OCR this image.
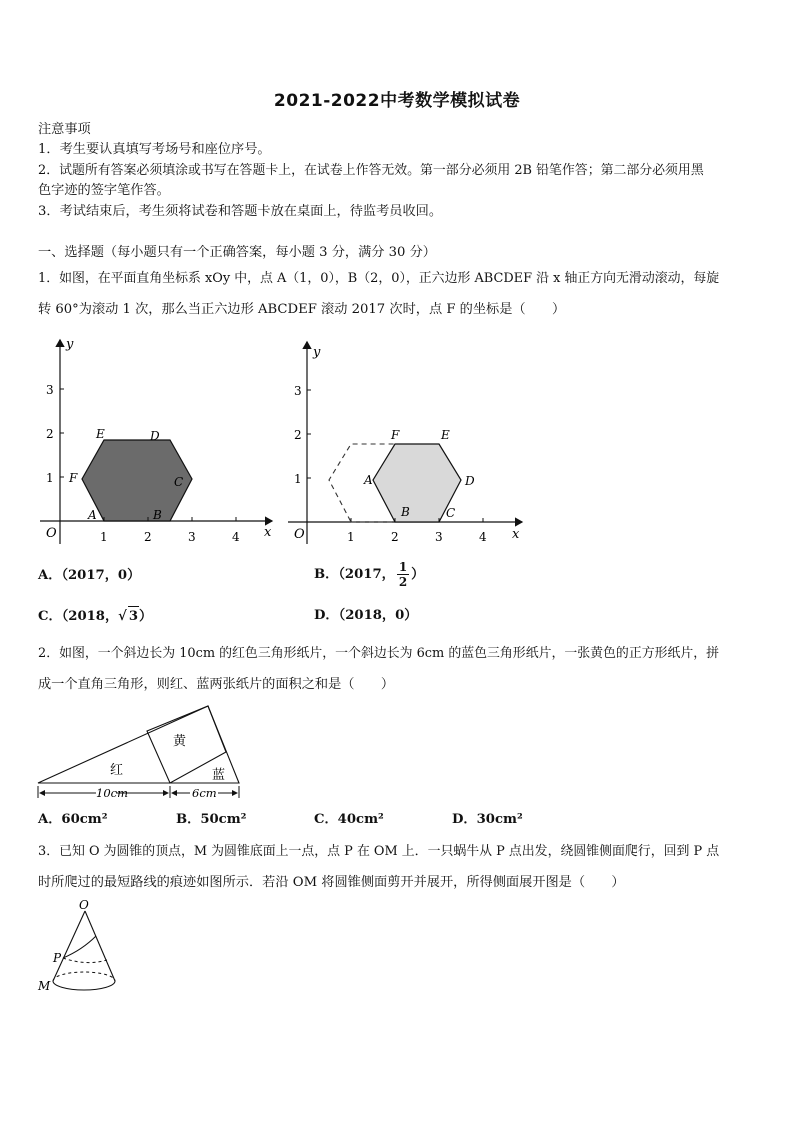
2021-2022中考数学模拟试卷
注意事项
1．考生要认真填写考场号和座位序号。
2．试题所有答案必须填涂或书写在答题卡上，在试卷上作答无效。第一部分必须用 2B 铅笔作答；第二部分必须用黑
色字迹的签字笔作答。
3．考试结束后，考生须将试卷和答题卡放在桌面上，待监考员收回。
一、选择题（每小题只有一个正确答案，每小题 3 分，满分 30 分）
1．如图，在平面直角坐标系 xOy 中，点 A（1，0），B（2，0），正六边形 ABCDEF 沿 x 轴正方向无滑动滚动，每旋
转 60°为滚动 1 次，那么当正六边形 ABCDEF 滚动 2017 次时，点 F 的坐标是（　　）
y
x
O	1	2	3	4
1
2
3
A	B
C
D
E
F
y
x
O	1	2	3	4
1
2
3
A
B	C
D
E
F
A．（2017，0）	B．（2017， $\frac{1}{2}$ ）
C．（2018，√ 3）	D．（2018，0）
2．如图，一个斜边长为 10cm 的红色三角形纸片，一个斜边长为 6cm 的蓝色三角形纸片，一张黄色的正方形纸片，拼
成一个直角三角形，则红、蓝两张纸片的面积之和是（　　）
黄
红	蓝
10cm	6cm
A．60cm²	B．50cm²	C．40cm²	D．30cm²
3．已知 O 为圆锥的顶点，M 为圆锥底面上一点，点 P 在 OM 上．一只蜗牛从 P 点出发，绕圆锥侧面爬行，回到 P 点
时所爬过的最短路线的痕迹如图所示．若沿 OM 将圆锥侧面剪开并展开，所得侧面展开图是（　　）
O
P
M
